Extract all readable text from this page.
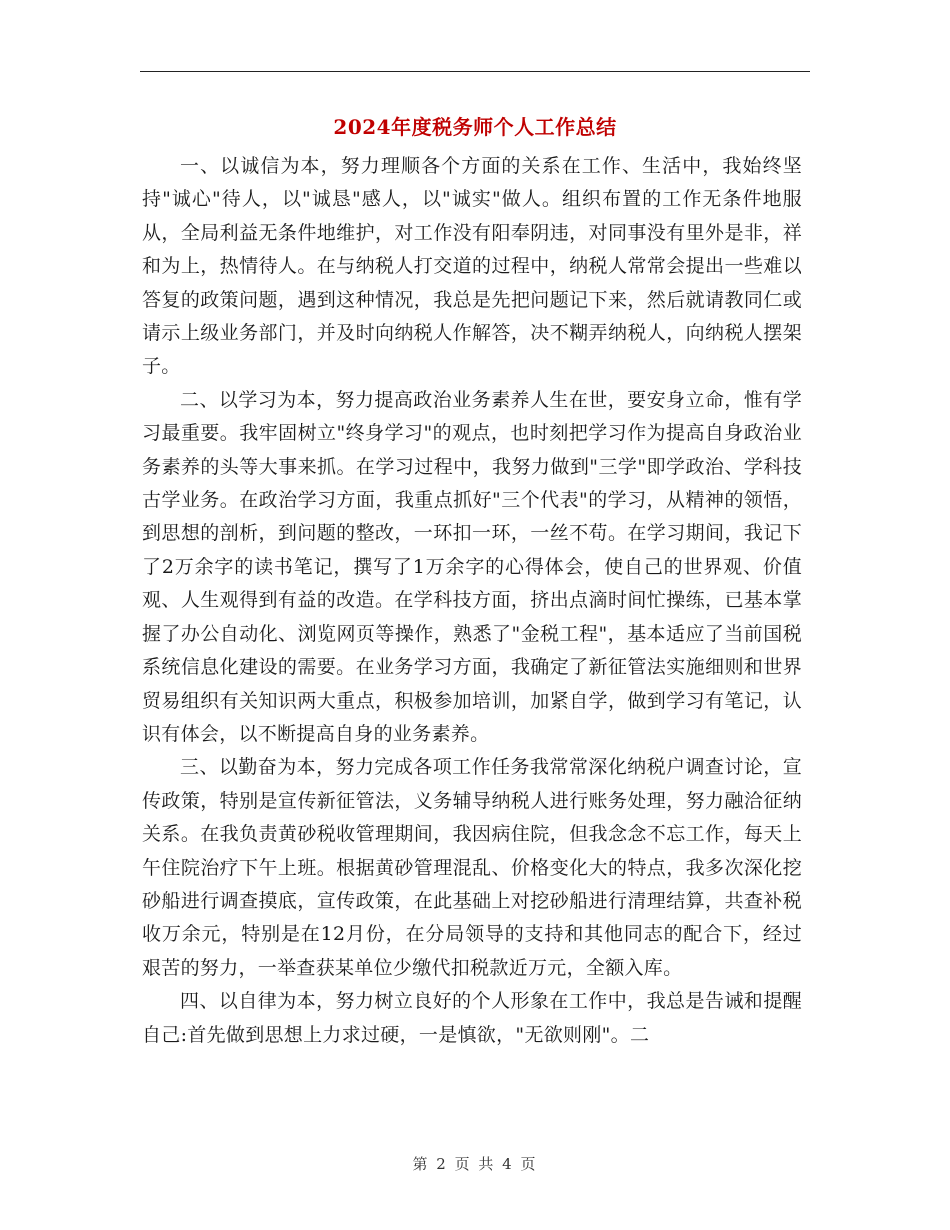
2024年度税务师个人工作总结

一、以诚信为本，努力理顺各个方面的关系在工作、生活中，我始终坚持"诚心"待人，以"诚恳"感人，以"诚实"做人。组织布置的工作无条件地服从，全局利益无条件地维护，对工作没有阳奉阴违，对同事没有里外是非，祥和为上，热情待人。在与纳税人打交道的过程中，纳税人常常会提出一些难以答复的政策问题，遇到这种情况，我总是先把问题记下来，然后就请教同仁或请示上级业务部门，并及时向纳税人作解答，决不糊弄纳税人，向纳税人摆架子。

二、以学习为本，努力提高政治业务素养人生在世，要安身立命，惟有学习最重要。我牢固树立"终身学习"的观点，也时刻把学习作为提高自身政治业务素养的头等大事来抓。在学习过程中，我努力做到"三学"即学政治、学科技古学业务。在政治学习方面，我重点抓好"三个代表"的学习，从精神的领悟，到思想的剖析，到问题的整改，一环扣一环，一丝不苟。在学习期间，我记下了2万余字的读书笔记，撰写了1万余字的心得体会，使自己的世界观、价值观、人生观得到有益的改造。在学科技方面，挤出点滴时间忙操练，已基本掌握了办公自动化、浏览网页等操作，熟悉了"金税工程"，基本适应了当前国税系统信息化建设的需要。在业务学习方面，我确定了新征管法实施细则和世界贸易组织有关知识两大重点，积极参加培训，加紧自学，做到学习有笔记，认识有体会，以不断提高自身的业务素养。

三、以勤奋为本，努力完成各项工作任务我常常深化纳税户调查讨论，宣传政策，特别是宣传新征管法，义务辅导纳税人进行账务处理，努力融洽征纳关系。在我负责黄砂税收管理期间，我因病住院，但我念念不忘工作，每天上午住院治疗下午上班。根据黄砂管理混乱、价格变化大的特点，我多次深化挖砂船进行调查摸底，宣传政策，在此基础上对挖砂船进行清理结算，共查补税收万余元，特别是在12月份，在分局领导的支持和其他同志的配合下，经过艰苦的努力，一举查获某单位少缴代扣税款近万元，全额入库。

四、以自律为本，努力树立良好的个人形象在工作中，我总是告诫和提醒自己:首先做到思想上力求过硬，一是慎欲，"无欲则刚"。二

第 2 页 共 4 页
